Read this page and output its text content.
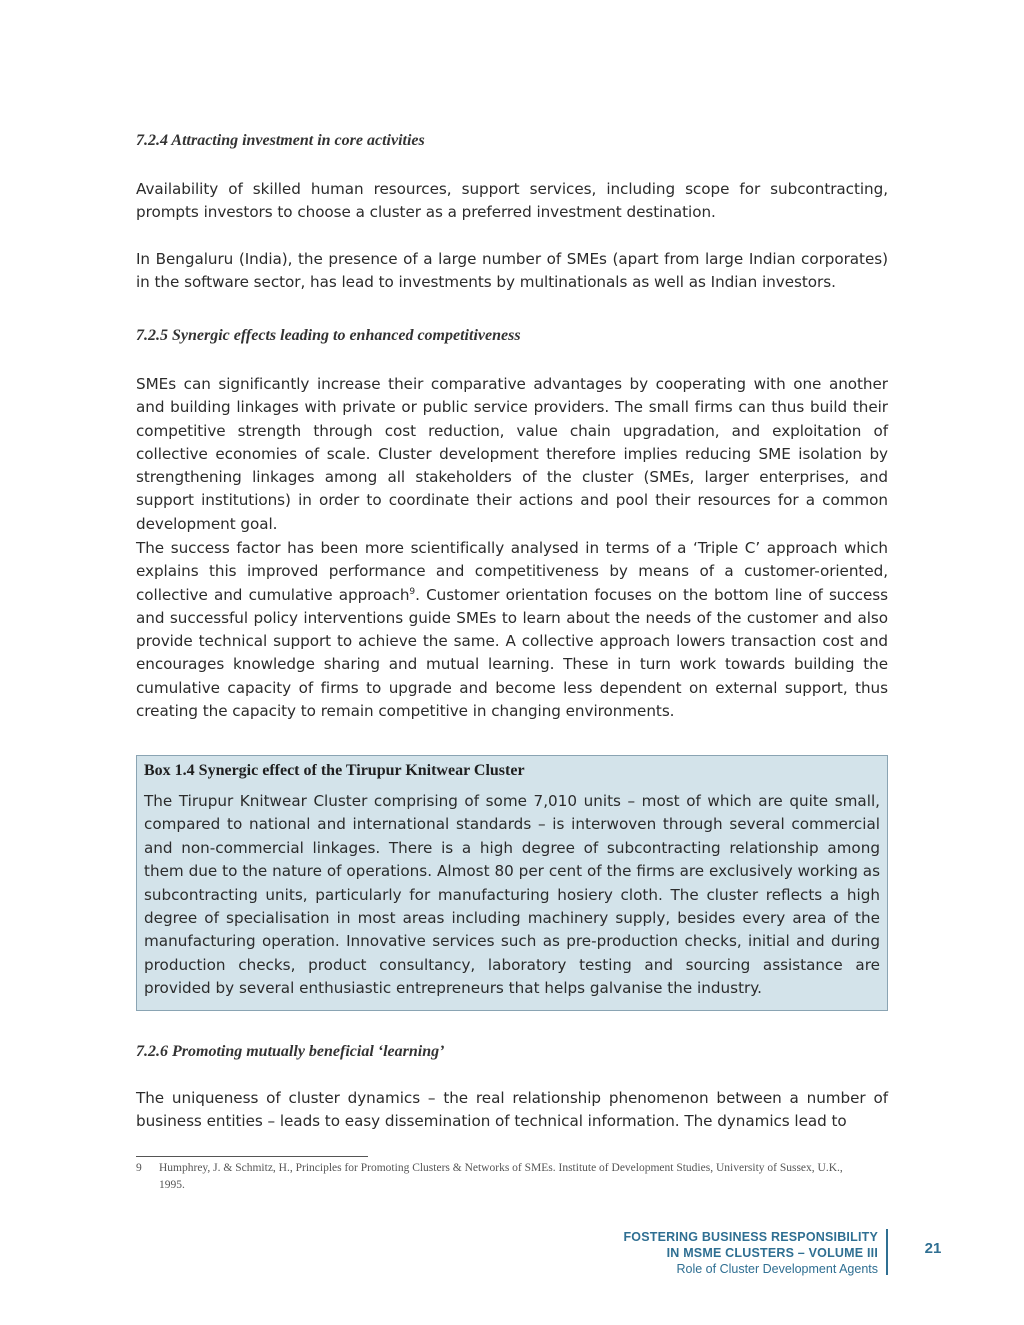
7.2.4 Attracting investment in core activities

Availability of skilled human resources, support services, including scope for subcontracting, prompts investors to choose a cluster as a preferred investment destination.

In Bengaluru (India), the presence of a large number of SMEs (apart from large Indian corporates) in the software sector, has lead to investments by multinationals as well as Indian investors.

7.2.5 Synergic effects leading to enhanced competitiveness

SMEs can significantly increase their comparative advantages by cooperating with one another and building linkages with private or public service providers. The small firms can thus build their competitive strength through cost reduction, value chain upgradation, and exploitation of collective economies of scale. Cluster development therefore implies reducing SME isolation by strengthening linkages among all stakeholders of the cluster (SMEs, larger enterprises, and support institutions) in order to coordinate their actions and pool their resources for a common development goal.

The success factor has been more scientifically analysed in terms of a ‘Triple C’ approach which explains this improved performance and competitiveness by means of a customer-oriented, collective and cumulative approach$^9$. Customer orientation focuses on the bottom line of success and successful policy interventions guide SMEs to learn about the needs of the customer and also provide technical support to achieve the same. A collective approach lowers transaction cost and encourages knowledge sharing and mutual learning. These in turn work towards building the cumulative capacity of firms to upgrade and become less dependent on external support, thus creating the capacity to remain competitive in changing environments.

Box 1.4 Synergic effect of the Tirupur Knitwear Cluster

The Tirupur Knitwear Cluster comprising of some 7,010 units – most of which are quite small, compared to national and international standards – is interwoven through several commercial and non-commercial linkages. There is a high degree of subcontracting relationship among them due to the nature of operations. Almost 80 per cent of the firms are exclusively working as subcontracting units, particularly for manufacturing hosiery cloth. The cluster reflects a high degree of specialisation in most areas including machinery supply, besides every area of the manufacturing operation. Innovative services such as pre-production checks, initial and during production checks, product consultancy, laboratory testing and sourcing assistance are provided by several enthusiastic entrepreneurs that helps galvanise the industry.

7.2.6 Promoting mutually beneficial ‘learning’

The uniqueness of cluster dynamics – the real relationship phenomenon between a number of business entities – leads to easy dissemination of technical information. The dynamics lead to

9 Humphrey, J. & Schmitz, H., Principles for Promoting Clusters & Networks of SMEs. Institute of Development Studies, University of Sussex, U.K., 1995.
FOSTERING BUSINESS RESPONSIBILITY
IN MSME CLUSTERS – VOLUME III
Role of Cluster Development Agents
21
